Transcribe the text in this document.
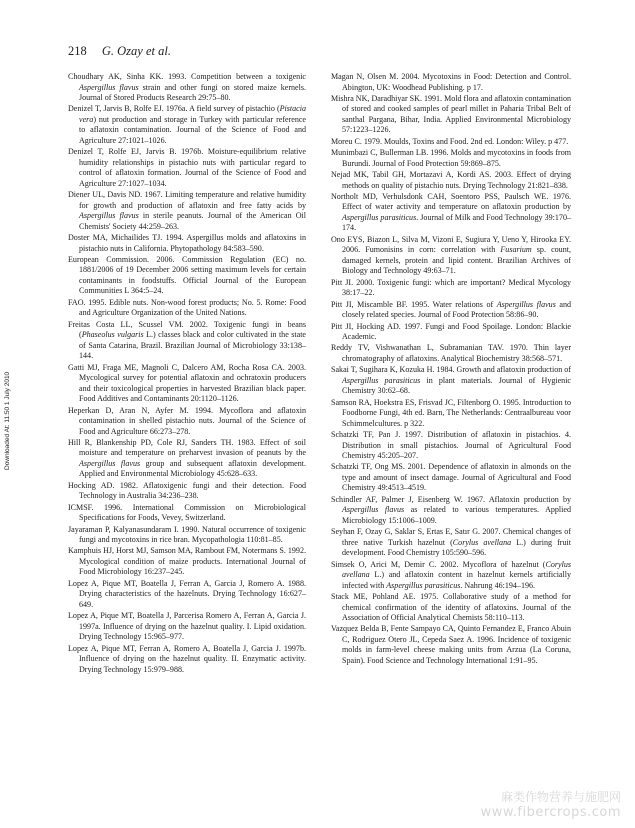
218 G. Ozay et al.
Downloaded At: 11:50 1 July 2010

Choudhary AK, Sinha KK. 1993. Competition between a toxigenic Aspergillus flavus strain and other fungi on stored maize kernels. Journal of Stored Products Research 29:75–80.

Denizel T, Jarvis B, Rolfe EJ. 1976a. A field survey of pistachio (Pistacia vera) nut production and storage in Turkey with particular reference to aflatoxin contamination. Journal of the Science of Food and Agriculture 27:1021–1026.

Denizel T, Rolfe EJ, Jarvis B. 1976b. Moisture-equilibrium relative humidity relationships in pistachio nuts with particular regard to control of aflatoxin formation. Journal of the Science of Food and Agriculture 27:1027–1034.

Diener UL, Davis ND. 1967. Limiting temperature and relative humidity for growth and production of aflatoxin and free fatty acids by Aspergillus flavus in sterile peanuts. Journal of the American Oil Chemists' Society 44:259–263.

Doster MA, Michailides TJ. 1994. Aspergillus molds and aflatoxins in pistachio nuts in California. Phytopathology 84:583–590.

European Commission. 2006. Commission Regulation (EC) no. 1881/2006 of 19 December 2006 setting maximum levels for certain contaminants in foodstuffs. Official Journal of the European Communities L 364:5–24.

FAO. 1995. Edible nuts. Non-wood forest products; No. 5. Rome: Food and Agriculture Organization of the United Nations.

Freitas Costa LL, Scussel VM. 2002. Toxigenic fungi in beans (Phaseolus vulgaris L.) classes black and color cultivated in the state of Santa Catarina, Brazil. Brazilian Journal of Microbiology 33:138–144.

Gatti MJ, Fraga ME, Magnoli C, Dalcero AM, Rocha Rosa CA. 2003. Mycological survey for potential aflatoxin and ochratoxin producers and their toxicological properties in harvested Brazilian black paper. Food Additives and Contaminants 20:1120–1126.

Heperkan D, Aran N, Ayfer M. 1994. Mycoflora and aflatoxin contamination in shelled pistachio nuts. Journal of the Science of Food and Agriculture 66:273–278.

Hill R, Blankenship PD, Cole RJ, Sanders TH. 1983. Effect of soil moisture and temperature on preharvest invasion of peanuts by the Aspergillus flavus group and subsequent aflatoxin development. Applied and Environmental Microbiology 45:628–633.

Hocking AD. 1982. Aflatoxigenic fungi and their detection. Food Technology in Australia 34:236–238.

ICMSF. 1996. International Commission on Microbiological Specifications for Foods, Vevey, Switzerland.

Jayaraman P, Kalyanasundaram I. 1990. Natural occurrence of toxigenic fungi and mycotoxins in rice bran. Mycopathologia 110:81–85.

Kamphuis HJ, Horst MJ, Samson MA, Rambout FM, Notermans S. 1992. Mycological condition of maize products. International Journal of Food Microbiology 16:237–245.

Lopez A, Pique MT, Boatella J, Ferran A, Garcia J, Romero A. 1988. Drying characteristics of the hazelnuts. Drying Technology 16:627–649.

Lopez A, Pique MT, Boatella J, Parcerisa Romero A, Ferran A, Garcia J. 1997a. Influence of drying on the hazelnut quality. I. Lipid oxidation. Drying Technology 15:965–977.

Lopez A, Pique MT, Ferran A, Romero A, Boatella J, Garcia J. 1997b. Influence of drying on the hazelnut quality. II. Enzymatic activity. Drying Technology 15:979–988.

Magan N, Olsen M. 2004. Mycotoxins in Food: Detection and Control. Abington, UK: Woodhead Publishing. p 17.

Mishra NK, Daradhiyar SK. 1991. Mold flora and aflatoxin contamination of stored and cooked samples of pearl millet in Paharia Tribal Belt of santhal Pargana, Bihar, India. Applied Environmental Microbiology 57:1223–1226.

Moreu C. 1979. Moulds, Toxins and Food. 2nd ed. London: Wiley. p 477.

Munimbazi C, Bullerman LB. 1996. Molds and mycotoxins in foods from Burundi. Journal of Food Protection 59:869–875.

Nejad MK, Tabil GH, Mortazavi A, Kordi AS. 2003. Effect of drying methods on quality of pistachio nuts. Drying Technology 21:821–838.

Northolt MD, Verhulsdonk CAH, Soentoro PSS, Paulsch WE. 1976. Effect of water activity and temperature on aflatoxin production by Aspergillus parasiticus. Journal of Milk and Food Technology 39:170–174.

Ono EYS, Biazon L, Silva M, Vizoni E, Sugiura Y, Ueno Y, Hirooka EY. 2006. Fumonisins in corn: correlation with Fusarium sp. count, damaged kernels, protein and lipid content. Brazilian Archives of Biology and Technology 49:63–71.

Pitt JI. 2000. Toxigenic fungi: which are important? Medical Mycology 38:17–22.

Pitt JI, Miscamble BF. 1995. Water relations of Aspergillus flavus and closely related species. Journal of Food Protection 58:86–90.

Pitt JI, Hocking AD. 1997. Fungi and Food Spoilage. London: Blackie Academic.

Reddy TV, Vishwanathan L, Subramanian TAV. 1970. Thin layer chromatography of aflatoxins. Analytical Biochemistry 38:568–571.

Sakai T, Sugihara K, Kozuka H. 1984. Growth and aflatoxin production of Aspergillus parasiticus in plant materials. Journal of Hygienic Chemistry 30:62–68.

Samson RA, Hoekstra ES, Frisvad JC, Filtenborg O. 1995. Introduction to Foodborne Fungi, 4th ed. Barn, The Netherlands: Centraalbureau voor Schimmelcultures. p 322.

Schatzki TF, Pan J. 1997. Distribution of aflatoxin in pistachios. 4. Distribution in small pistachios. Journal of Agricultural Food Chemistry 45:205–207.

Schatzki TF, Ong MS. 2001. Dependence of aflatoxin in almonds on the type and amount of insect damage. Journal of Agricultural and Food Chemistry 49:4513–4519.

Schindler AF, Palmer J, Eisenberg W. 1967. Aflatoxin production by Aspergillus flavus as related to various temperatures. Applied Microbiology 15:1006–1009.

Seyhan F, Ozay G, Saklar S, Ertas E, Satır G. 2007. Chemical changes of three native Turkish hazelnut (Corylus avellana L.) during fruit development. Food Chemistry 105:590–596.

Simsek O, Arici M, Demir C. 2002. Mycoflora of hazelnut (Corylus avellana L.) and aflatoxin content in hazelnut kernels artificially infected with Aspergillus parasiticus. Nahrung 46:194–196.

Stack ME, Pohland AE. 1975. Collaborative study of a method for chemical confirmation of the identity of aflatoxins. Journal of the Association of Official Analytical Chemists 58:110–113.

Vazquez Belda B, Fente Sampayo CA, Quinto Fernandez E, Franco Abuin C, Rodriguez Otero JL, Cepeda Saez A. 1996. Incidence of toxigenic molds in farm-level cheese making units from Arzua (La Coruna, Spain). Food Science and Technology International 1:91–95.

麻类作物营养与施肥网
www.fibercrops.com
